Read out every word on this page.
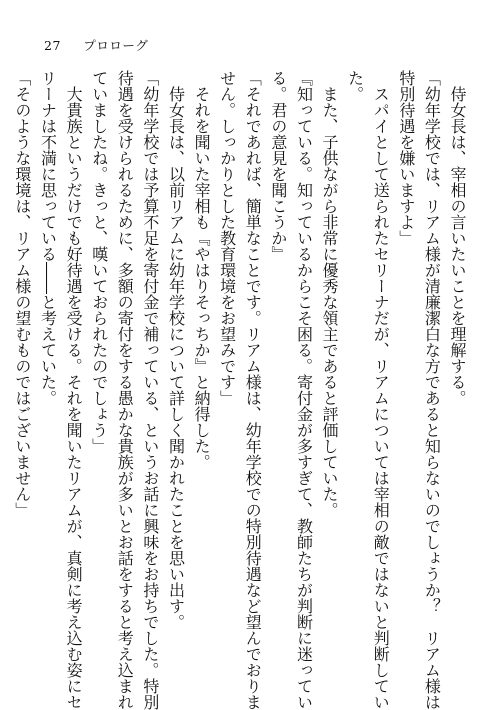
27 プロローグ
　侍女長は、宰相の言いたいことを理解する。
「幼年学校では、リアム様が清廉潔白な方であると知らないのでしょうか？　リアム様は
特別待遇を嫌いますよ」
　スパイとして送られたセリーナだが、リアムについては宰相の敵ではないと判断してい
た。
　また、子供ながら非常に優秀な領主であると評価していた。
『知っている。知っているからこそ困る。寄付金が多すぎて、教師たちが判断に迷ってい
る。君の意見を聞こうか』
「それであれば、簡単なことです。リアム様は、幼年学校での特別待遇など望んでおりま
せん。しっかりとした教育環境をお望みです」
　それを聞いた宰相も『やはりそっちか』と納得した。
　侍女長は、以前リアムに幼年学校について詳しく聞かれたことを思い出す。
「幼年学校では予算不足を寄付金で補っている、というお話に興味をお持ちでした。特別
待遇を受けられるために、多額の寄付をする愚かな貴族が多いとお話をすると考え込まれ
ていましたね。きっと、嘆いておられたのでしょう」
　大貴族というだけでも好待遇を受ける。それを聞いたリアムが、真剣に考え込む姿にセ
リーナは不満に思っている――と考えていた。
「そのような環境は、リアム様の望むものではございません」
